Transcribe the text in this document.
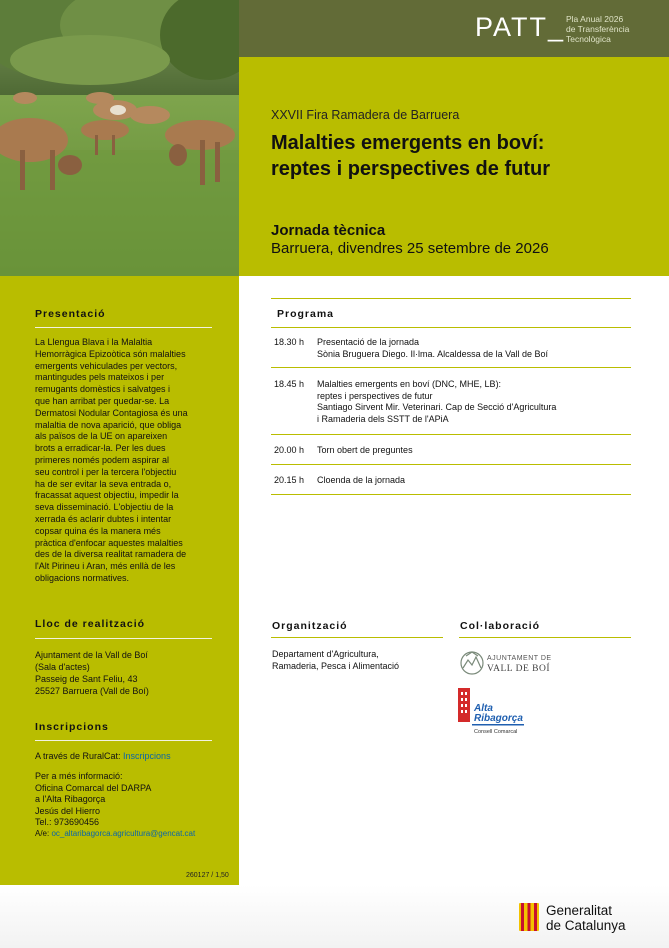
PATT_ Pla Anual 2026
de Transferència
Tecnològica
XXVII Fira Ramadera de Barruera
Malalties emergents en boví:
reptes i perspectives de futur
Jornada tècnica
Barruera, divendres 25 setembre de 2026
Presentació
La Llengua Blava i la Malaltia
Hemorràgica Epizoòtica són malalties
emergents vehiculades per vectors,
mantingudes pels mateixos i per
remugants domèstics i salvatges i
que han arribat per quedar-se. La
Dermatosi Nodular Contagiosa és una
malaltia de nova aparició, que obliga
als països de la UE on apareixen
brots a erradicar-la. Per les dues
primeres només podem aspirar al
seu control i per la tercera l'objectiu
ha de ser evitar la seva entrada o,
fracassat aquest objectiu, impedir la
seva disseminació. L'objectiu de la
xerrada és aclarir dubtes i intentar
copsar quina és la manera més
pràctica d'enfocar aquestes malalties
des de la diversa realitat ramadera de
l'Alt Pirineu i Aran, més enllà de les
obligacions normatives.
Lloc de realització
Ajuntament de la Vall de Boí
(Sala d'actes)
Passeig de Sant Feliu, 43
25527 Barruera (Vall de Boí)
Inscripcions
A través de RuralCat: Inscripcions
Per a més informació:
Oficina Comarcal del DARPA
a l'Alta Ribagorça
Jesús del Hierro
Tel.: 973690456
A/e: oc_altaribagorca.agricultura@gencat.cat
260127 / 1,50
Programa
18.30 h Presentació de la jornada
Sònia Bruguera Diego. Il·lma. Alcaldessa de la Vall de Boí
18.45 h Malalties emergents en boví (DNC, MHE, LB):
reptes i perspectives de futur
Santiago Sirvent Mir. Veterinari. Cap de Secció d'Agricultura
i Ramaderia dels SSTT de l'APiA
20.00 h Torn obert de preguntes
20.15 h Cloenda de la jornada
Organització
Departament d'Agricultura,
Ramaderia, Pesca i Alimentació
Col·laboració
AJUNTAMENT DE
VALL DE BOÍ
Alta
Ribagorça
Consell Comarcal
Generalitat
de Catalunya
